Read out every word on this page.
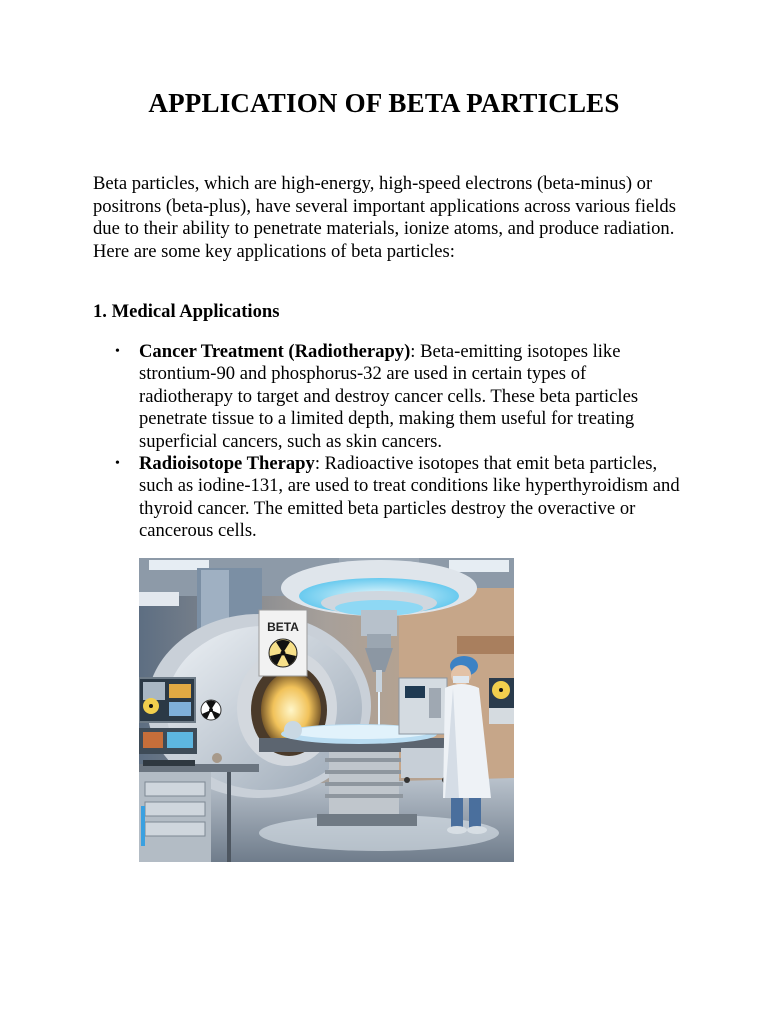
APPLICATION OF BETA PARTICLES

Beta particles, which are high-energy, high-speed electrons (beta-minus) or positrons (beta-plus), have several important applications across various fields due to their ability to penetrate materials, ionize atoms, and produce radiation. Here are some key applications of beta particles:

1. Medical Applications
• Cancer Treatment (Radiotherapy): Beta-emitting isotopes like strontium-90 and phosphorus-32 are used in certain types of radiotherapy to target and destroy cancer cells. These beta particles penetrate tissue to a limited depth, making them useful for treating superficial cancers, such as skin cancers.
• Radioisotope Therapy: Radioactive isotopes that emit beta particles, such as iodine-131, are used to treat conditions like hyperthyroidism and thyroid cancer. The emitted beta particles destroy the overactive or cancerous cells.
BETA
